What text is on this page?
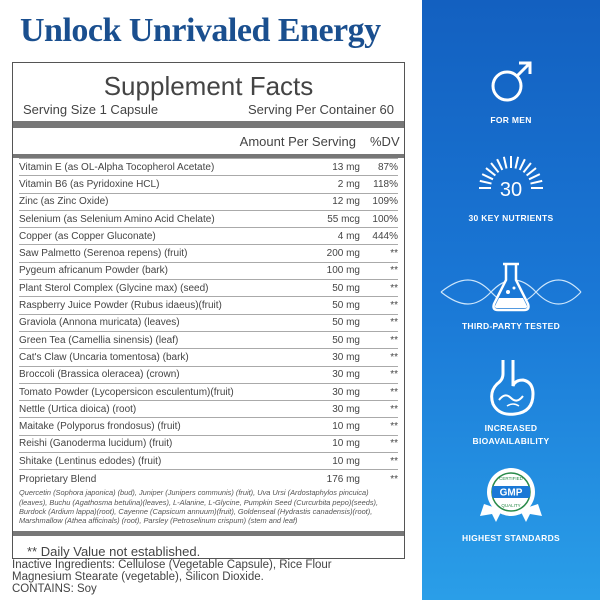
Unlock Unrivaled Energy
Supplement Facts
Serving Size 1 Capsule	Serving Per Container 60
Amount Per Serving	%DV
Vitamin E (as OL-Alpha Tocopherol Acetate)	13 mg	87%
Vitamin B6 (as Pyridoxine HCL)	2 mg	118%
Zinc (as Zinc Oxide)	12 mg	109%
Selenium (as Selenium Amino Acid Chelate)	55 mcg	100%
Copper (as Copper Gluconate)	4 mg	444%
Saw Palmetto (Serenoa repens) (fruit)	200 mg	**
Pygeum africanum Powder (bark)	100 mg	**
Plant Sterol Complex (Glycine max) (seed)	50 mg	**
Raspberry Juice Powder (Rubus idaeus)(fruit)	50 mg	**
Graviola (Annona muricata) (leaves)	50 mg	**
Green Tea (Camellia sinensis) (leaf)	50 mg	**
Cat's Claw (Uncaria tomentosa) (bark)	30 mg	**
Broccoli (Brassica oleracea) (crown)	30 mg	**
Tomato Powder (Lycopersicon esculentum)(fruit)	30 mg	**
Nettle (Urtica dioica) (root)	30 mg	**
Maitake (Polyporus frondosus) (fruit)	10 mg	**
Reishi (Ganoderma lucidum) (fruit)	10 mg	**
Shitake (Lentinus edodes) (fruit)	10 mg	**
Proprietary Blend	176 mg	**
Quercetin (Sophora japonica) (bud), Juniper (Junipers communis) (fruit), Uva Ursi (Ardostaphylos pincuica) (leaves), Buchu (Agathosma betulina)(leaves), L-Alanine, L-Glycine, Pumpkin Seed (Curcurbita pepo)(seeds), Burdock (Ardium lappa)(root), Cayenne (Capsicum annuum)(fruit), Goldenseal (Hydrastis canadensis)(root), Marshmallow (Athea afficinals) (root), Parsley (Petroselinum crispum) (stem and leaf)
** Daily Value not established.
Inactive Ingredients: Cellulose (Vegetable Capsule), Rice Flour
Magnesium Stearate (vegetable), Silicon Dioxide.
CONTAINS: Soy
FOR MEN
30
30 KEY NUTRIENTS
THIRD-PARTY TESTED
INCREASED
BIOAVAILABILITY
GMP
CERTIFIED
QUALITY
HIGHEST STANDARDS
